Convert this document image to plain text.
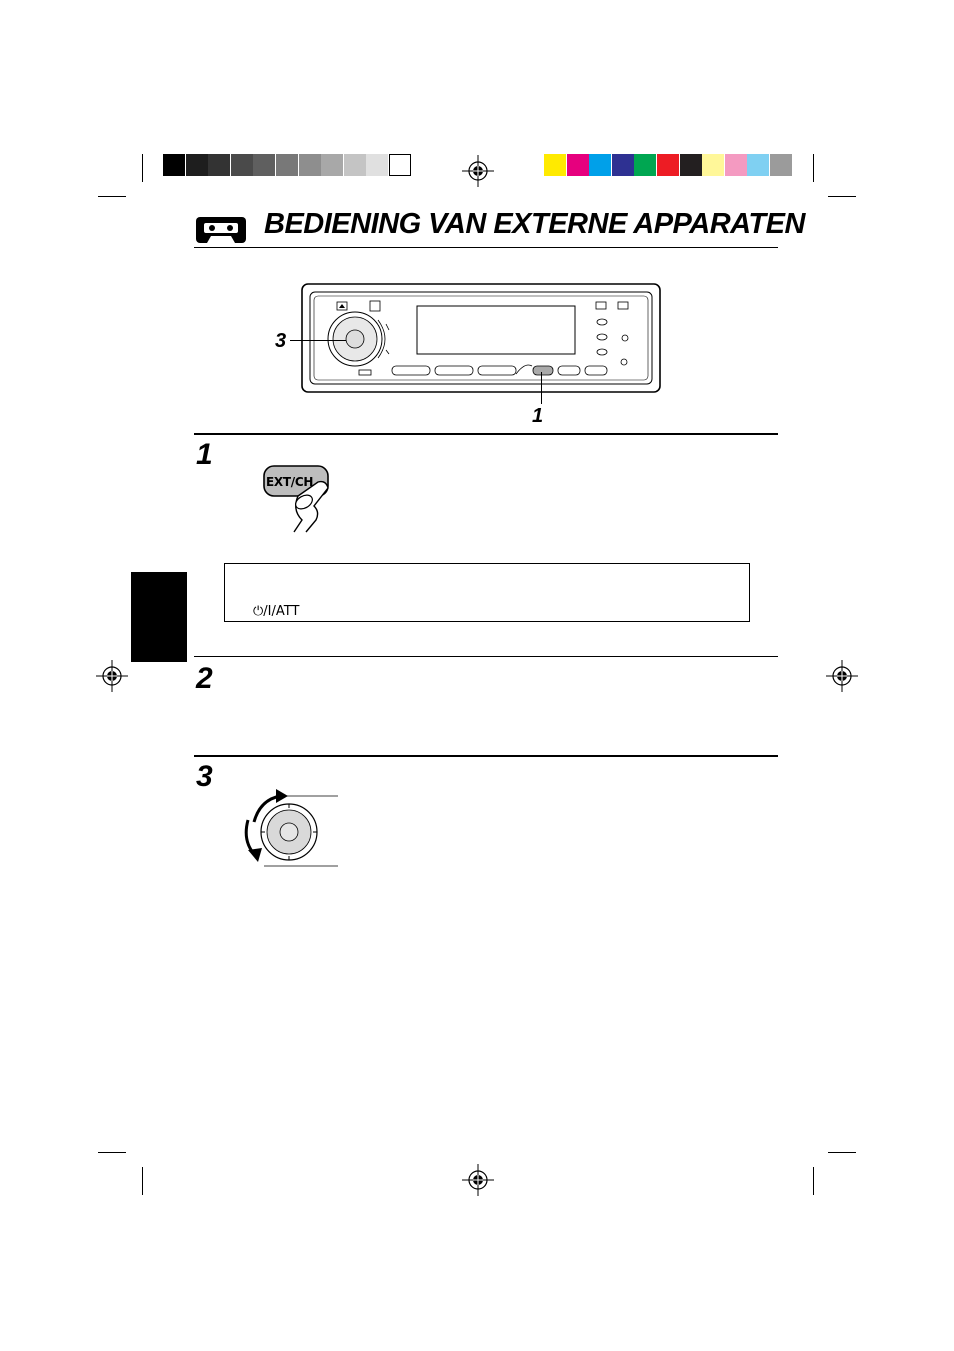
BEDIENING VAN EXTERNE APPARATEN
3
1
1
EXT/CH
⏻/I/ATT
2
3
